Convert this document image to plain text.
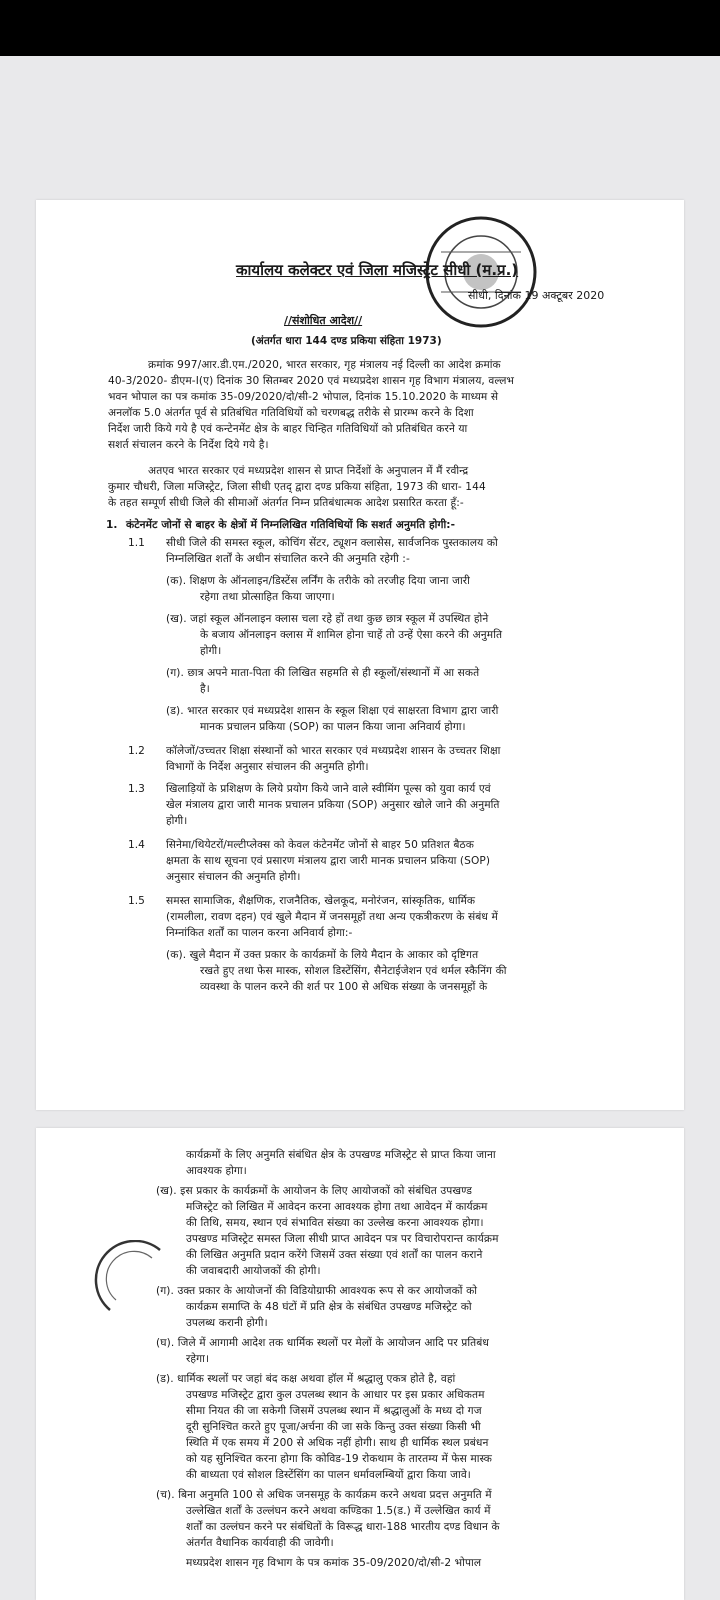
कार्यालय कलेक्टर एवं जिला मजिस्ट्रेट सीधी (म.प्र.)
सीधी, दिनांक 19 अक्टूबर 2020
//संशोधित आदेश//
(अंतर्गत धारा 144 दण्ड प्रकिया संहिता 1973)
क्रमांक 997/आर.डी.एम./2020, भारत सरकार, गृह मंत्रालय नई दिल्ली का आदेश क्रमांक
40-3/2020- डीएम-I(ए) दिनांक 30 सितम्बर 2020 एवं मध्यप्रदेश शासन गृह विभाग मंत्रालय, वल्लभ
भवन भोपाल का पत्र कमांक 35-09/2020/दो/सी-2 भोपाल, दिनांक 15.10.2020 के माध्यम से
अनलॉक 5.0 अंतर्गत पूर्व से प्रतिबंधित गतिविधियों को चरणबद्ध तरीके से प्रारम्भ करने के दिशा
निर्देश जारी किये गये है एवं कन्टेनमेंट क्षेत्र के बाहर चिन्हित गतिविधियों को प्रतिबंधित करने या
सशर्त संचालन करने के निर्देश दिये गये है।
अतएव भारत सरकार एवं मध्यप्रदेश शासन से प्राप्त निर्देशों के अनुपालन में मैं रवीन्द्र
कुमार चौधरी, जिला मजिस्ट्रेट, जिला सीधी एतद् द्वारा दण्ड प्रकिया संहिता, 1973 की धारा- 144
के तहत सम्पूर्ण सीधी जिले की सीमाओं अंतर्गत निम्न प्रतिबंधात्मक आदेश प्रसारित करता हूँ:-
1. कंटेनमेंट जोनों से बाहर के क्षेत्रों में निम्नलिखित गतिविधियों कि सशर्त अनुमति होगी:-
1.1 सीधी जिले की समस्त स्कूल, कोचिंग सेंटर, ट्यूशन क्लासेस, सार्वजनिक पुस्तकालय को
निम्नलिखित शर्तों के अधीन संचालित करने की अनुमति रहेगी :-
(क). शिक्षण के ऑनलाइन/डिस्टेंस लर्निंग के तरीके को तरजीह दिया जाना जारी
रहेगा तथा प्रोत्साहित किया जाएगा।
(ख). जहां स्कूल ऑनलाइन क्लास चला रहे हों तथा कुछ छात्र स्कूल में उपस्थित होने
के बजाय ऑनलाइन क्लास में शामिल होना चाहें तो उन्हें ऐसा करने की अनुमति
होगी।
(ग). छात्र अपने माता-पिता की लिखित सहमति से ही स्कूलों/संस्थानों में आ सकते
है।
(ड). भारत सरकार एवं मध्यप्रदेश शासन के स्कूल शिक्षा एवं साक्षरता विभाग द्वारा जारी
मानक प्रचालन प्रकिया (SOP) का पालन किया जाना अनिवार्य होगा।
1.2 कॉलेजों/उच्चतर शिक्षा संस्थानों को भारत सरकार एवं मध्यप्रदेश शासन के उच्चतर शिक्षा
विभागों के निर्देश अनुसार संचालन की अनुमति होगी।
1.3 खिलाड़ियों के प्रशिक्षण के लिये प्रयोग किये जाने वाले स्वीमिंग पूल्स को युवा कार्य एवं
खेल मंत्रालय द्वारा जारी मानक प्रचालन प्रकिया (SOP) अनुसार खोले जाने की अनुमति
होगी।
1.4 सिनेमा/थियेटरों/मल्टीप्लेक्स को केवल कंटेनमेंट जोनों से बाहर 50 प्रतिशत बैठक
क्षमता के साथ सूचना एवं प्रसारण मंत्रालय द्वारा जारी मानक प्रचालन प्रकिया (SOP)
अनुसार संचालन की अनुमति होगी।
1.5 समस्त सामाजिक, शैक्षणिक, राजनैतिक, खेलकूद, मनोरंजन, सांस्कृतिक, धार्मिक
(रामलीला, रावण दहन) एवं खुले मैदान में जनसमूहों तथा अन्य एकत्रीकरण के संबंध में
निम्नांकित शर्तों का पालन करना अनिवार्य होगा:-
(क). खुले मैदान में उक्त प्रकार के कार्यक्रमों के लिये मैदान के आकार को दृष्टिगत
रखते हुए तथा फेस मास्क, सोशल डिस्टेंसिंग, सैनेटाईजेशन एवं थर्मल स्कैनिंग की
व्यवस्था के पालन करने की शर्त पर 100 से अधिक संख्या के जनसमूहों के
कार्यक्रमों के लिए अनुमति संबंधित क्षेत्र के उपखण्ड मजिस्ट्रेट से प्राप्त किया जाना
आवश्यक होगा।
(ख). इस प्रकार के कार्यक्रमों के आयोजन के लिए आयोजकों को संबंधित उपखण्ड
मजिस्ट्रेट को लिखित में आवेदन करना आवश्यक होगा तथा आवेदन में कार्यक्रम
की तिथि, समय, स्थान एवं संभावित संख्या का उल्लेख करना आवश्यक होगा।
उपखण्ड मजिस्ट्रेट समस्त जिला सीधी प्राप्त आवेदन पत्र पर विचारोपरान्त कार्यक्रम
की लिखित अनुमति प्रदान करेंगे जिसमें उक्त संख्या एवं शर्तों का पालन कराने
की जवाबदारी आयोजकों की होगी।
(ग). उक्त प्रकार के आयोजनों की विडियोग्राफी आवश्यक रूप से कर आयोजकों को
कार्यक्रम समाप्ति के 48 घंटों में प्रति क्षेत्र के संबंधित उपखण्ड मजिस्ट्रेट को
उपलब्ध करानी होगी।
(घ). जिले में आगामी आदेश तक धार्मिक स्थलों पर मेलों के आयोजन आदि पर प्रतिबंध
रहेगा।
(ड). धार्मिक स्थलों पर जहां बंद कक्ष अथवा हॉल में श्रद्धालु एकत्र होते है, वहां
उपखण्ड मजिस्ट्रेट द्वारा कुल उपलब्ध स्थान के आधार पर इस प्रकार अधिकतम
सीमा नियत की जा सकेगी जिसमें उपलब्ध स्थान में श्रद्धालुओं के मध्य दो गज
दूरी सुनिश्चित करते हुए पूजा/अर्चना की जा सके किन्तु उक्त संख्या किसी भी
स्थिति में एक समय में 200 से अधिक नहीं होगी। साथ ही धार्मिक स्थल प्रबंधन
को यह सुनिश्चित करना होगा कि कोविड-19 रोकथाम के तारतम्य में फेस मास्क
की बाध्यता एवं सोशल डिस्टेंसिंग का पालन धर्मावलम्बियों द्वारा किया जावे।
(च). बिना अनुमति 100 से अधिक जनसमूह के कार्यक्रम करने अथवा प्रदत्त अनुमति में
उल्लेखित शर्तों के उल्लंघन करने अथवा कण्डिका 1.5(ड.) में उल्लेखित कार्य में
शर्तों का उल्लंघन करने पर संबंधितों के विरूद्ध धारा-188 भारतीय दण्ड विधान के
अंतर्गत वैधानिक कार्यवाही की जावेगी।
मध्यप्रदेश शासन गृह विभाग के पत्र कमांक 35-09/2020/दो/सी-2 भोपाल
